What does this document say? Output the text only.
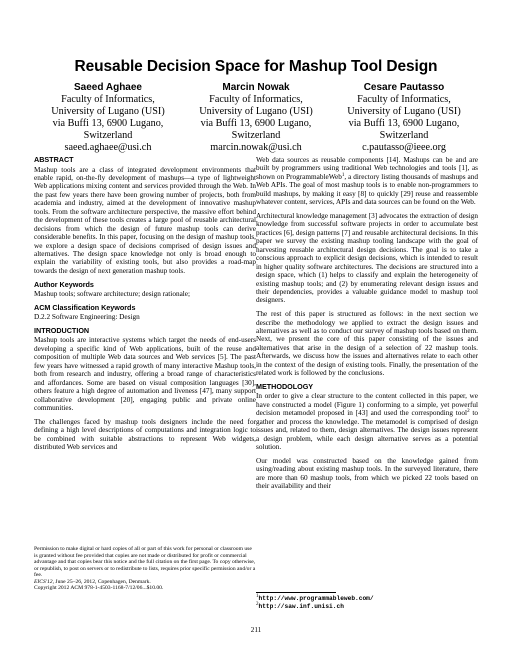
Reusable Decision Space for Mashup Tool Design
Saeed Aghaee
Faculty of Informatics,
University of Lugano (USI)
via Buffi 13, 6900 Lugano,
Switzerland
saeed.aghaee@usi.ch
Marcin Nowak
Faculty of Informatics,
University of Lugano (USI)
via Buffi 13, 6900 Lugano,
Switzerland
marcin.nowak@usi.ch
Cesare Pautasso
Faculty of Informatics,
University of Lugano (USI)
via Buffi 13, 6900 Lugano,
Switzerland
c.pautasso@ieee.org
ABSTRACT

Mashup tools are a class of integrated development environments that enable rapid, on-the-fly development of mashups—a type of lightweight Web applications mixing content and services provided through the Web. In the past few years there have been growing number of projects, both from academia and industry, aimed at the development of innovative mashup tools. From the software architecture perspective, the massive effort behind the development of these tools creates a large pool of reusable architectural decisions from which the design of future mashup tools can derive considerable benefits. In this paper, focusing on the design of mashup tools, we explore a design space of decisions comprised of design issues and alternatives. The design space knowledge not only is broad enough to explain the variability of existing tools, but also provides a road-map towards the design of next generation mashup tools.

Author Keywords

Mashup tools; software architecture; design rationale;

ACM Classification Keywords

D.2.2 Software Engineering: Design

INTRODUCTION

Mashup tools are interactive systems which target the needs of end-users developing a specific kind of Web applications, built of the reuse and composition of multiple Web data sources and Web services [5]. The past few years have witnessed a rapid growth of many interactive Mashup tools, both from research and industry, offering a broad range of characteristics and affordances. Some are based on visual composition languages [30], others feature a high degree of automation and liveness [47], many support collaborative development [20], engaging public and private online communities.

The challenges faced by mashup tools designers include the need for defining a high level descriptions of computations and integration logic to be combined with suitable abstractions to represent Web widgets, distributed Web services and

Web data sources as reusable components [14]. Mashups can be and are built by programmers using traditional Web technologies and tools [1], as shown on ProgrammableWeb$^1$, a directory listing thousands of mashups and Web APIs. The goal of most mashup tools is to enable non-programmers to build mashups, by making it easy [8] to quickly [29] reuse and reassemble whatever content, services, APIs and data sources can be found on the Web.

Architectural knowledge management [3] advocates the extraction of design knowledge from successful software projects in order to accumulate best practices [6], design patterns [7] and reusable architectural decisions. In this paper we survey the existing mashup tooling landscape with the goal of harvesting reusable architectural design decisions. The goal is to take a conscious approach to explicit design decisions, which is intended to result in higher quality software architectures. The decisions are structured into a design space, which (1) helps to classify and explain the heterogeneity of existing mashup tools; and (2) by enumerating relevant design issues and their dependencies, provides a valuable guidance model to mashup tool designers.

The rest of this paper is structured as follows: in the next section we describe the methodology we applied to extract the design issues and alternatives as well as to conduct our survey of mashup tools based on them. Next, we present the core of this paper consisting of the issues and alternatives that arise in the design of a selection of 22 mashup tools. Afterwards, we discuss how the issues and alternatives relate to each other in the context of the design of existing tools. Finally, the presentation of the related work is followed by the conclusions.

METHODOLOGY

In order to give a clear structure to the content collected in this paper, we have constructed a model (Figure 1) conforming to a simple, yet powerful decision metamodel proposed in [43] and used the corresponding tool$^2$ to gather and process the knowledge. The metamodel is comprised of design issues and, related to them, design alternatives. The design issues represent a design problem, while each design alternative serves as a potential solution.

Our model was constructed based on the knowledge gained from using/reading about existing mashup tools. In the surveyed literature, there are more than 60 mashup tools, from which we picked 22 tools based on their availability and their

$^1$http://www.programmableweb.com/
$^2$http://saw.inf.unisi.ch
Permission to make digital or hard copies of all or part of this work for personal or classroom use is granted without fee provided that copies are not made or distributed for profit or commercial advantage and that copies bear this notice and the full citation on the first page. To copy otherwise, or republish, to post on servers or to redistribute to lists, requires prior specific permission and/or a fee.
EICS'12, June 25–26, 2012, Copenhagen, Denmark.
Copyright 2012 ACM 978-1-4503-1168-7/12/06...$10.00.
211
